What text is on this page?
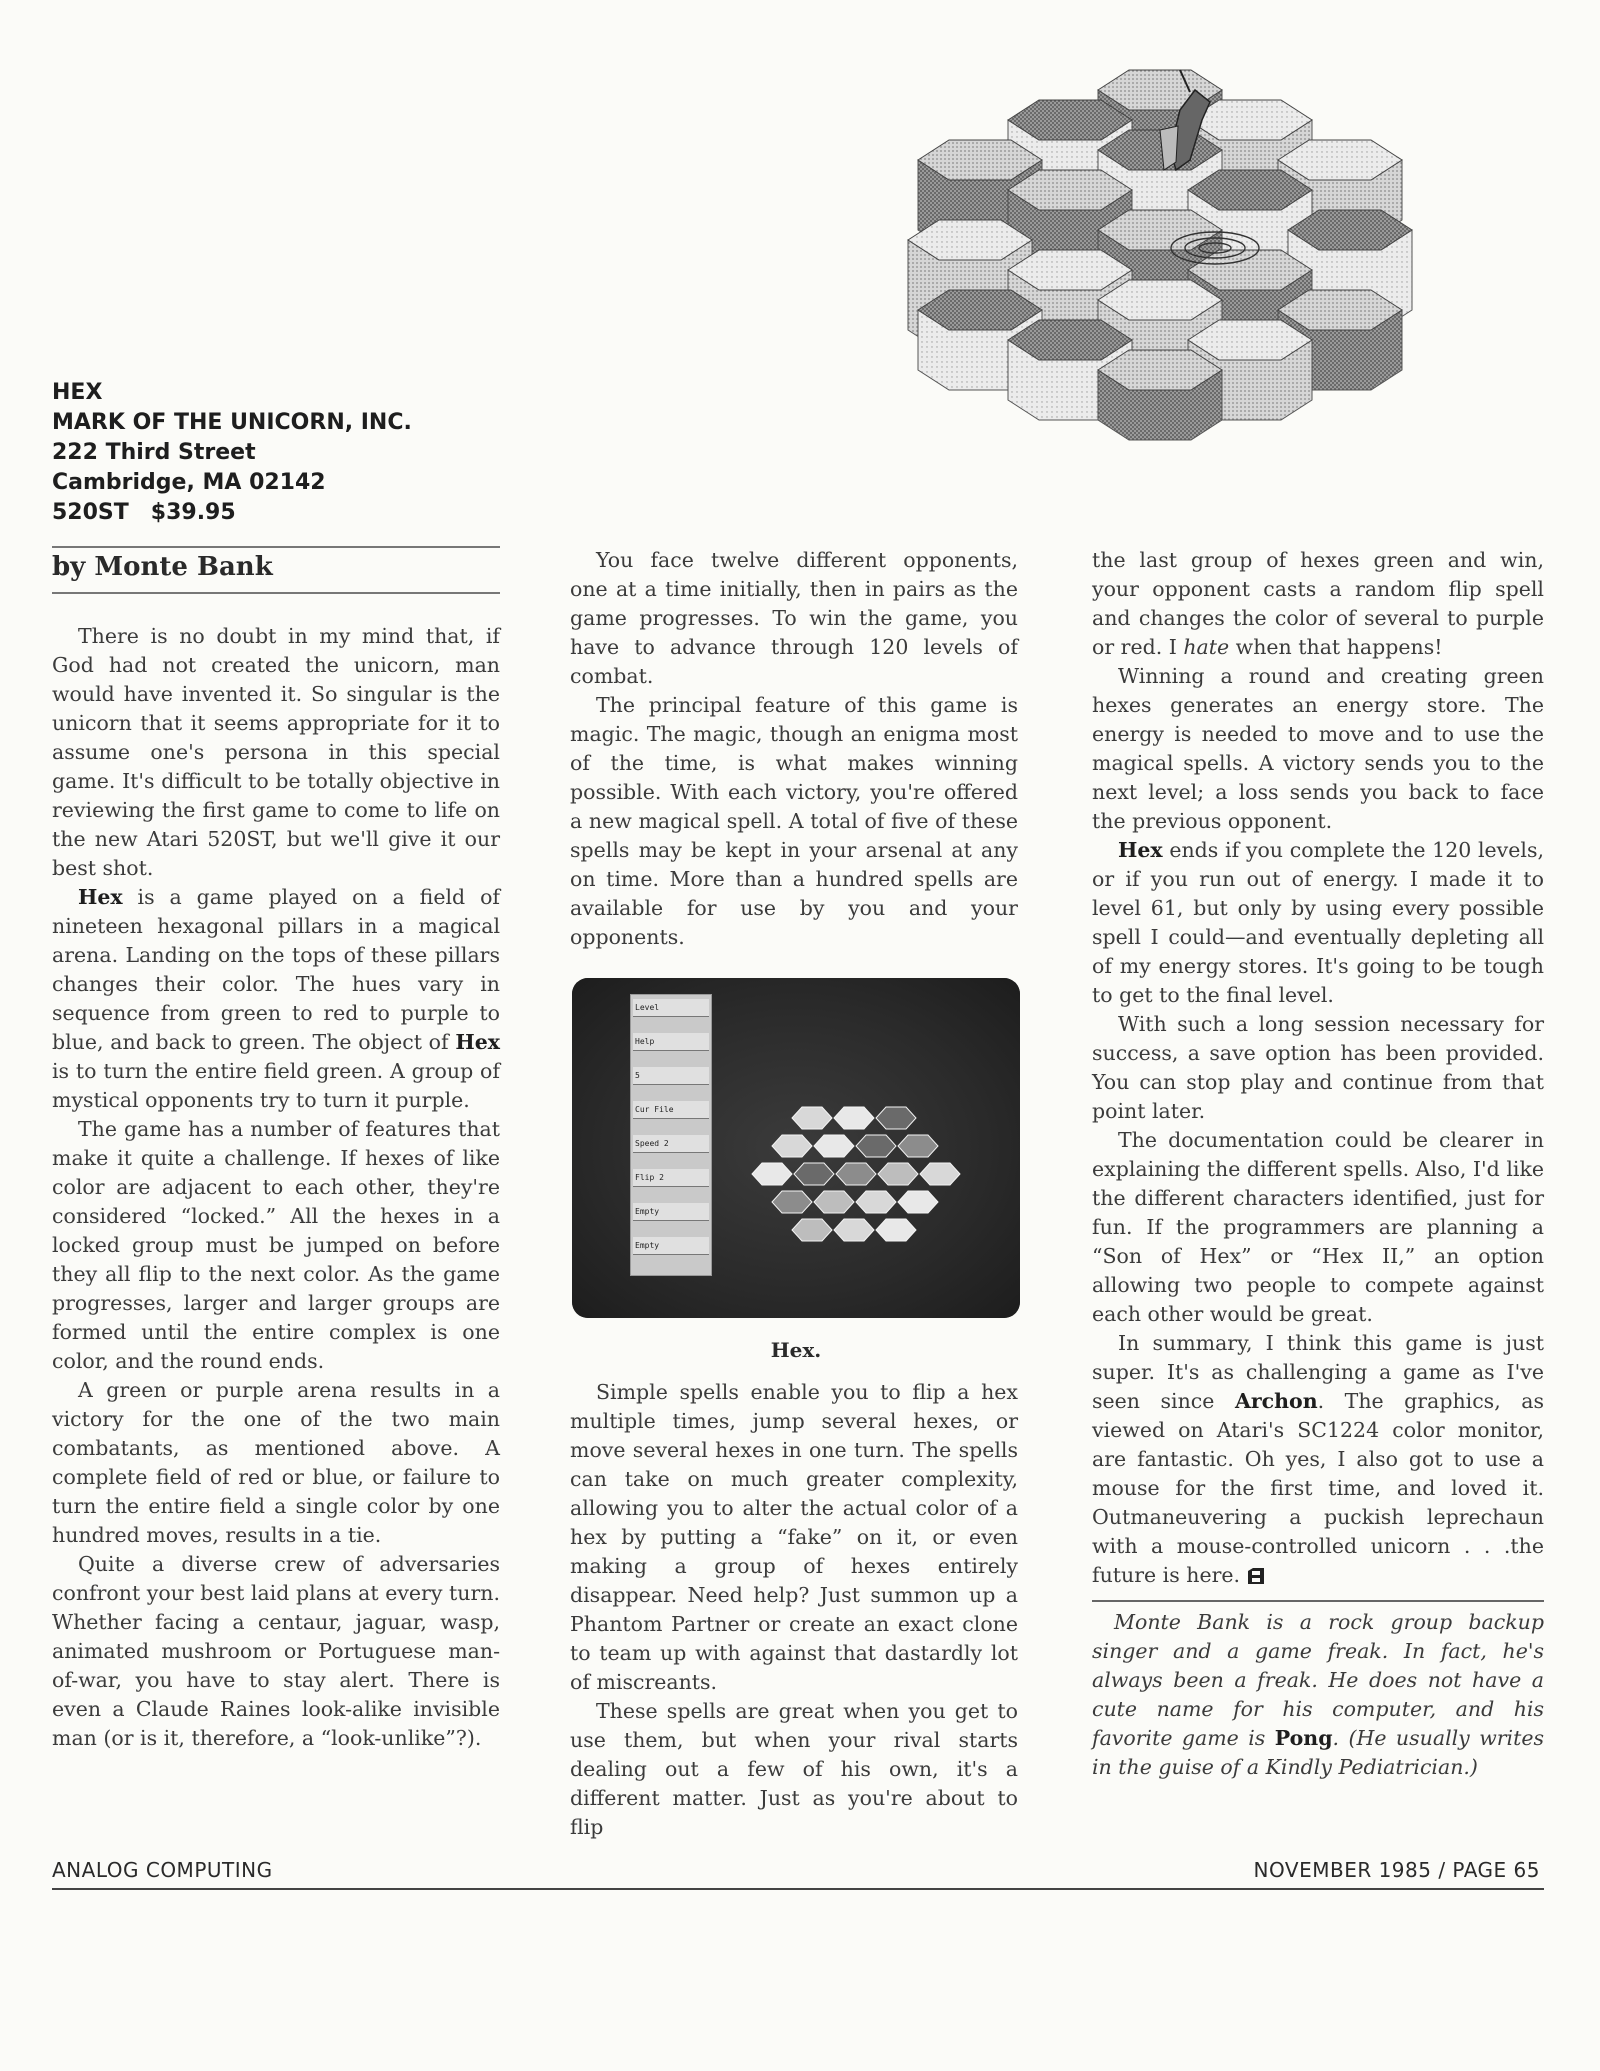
HEX
MARK OF THE UNICORN, INC.
222 Third Street
Cambridge, MA 02142
520ST $39.95
by Monte Bank

There is no doubt in my mind that, if God had not created the unicorn, man would have invented it. So singular is the unicorn that it seems appropriate for it to assume one's persona in this special game. It's difficult to be totally objective in reviewing the first game to come to life on the new Atari 520ST, but we'll give it our best shot.

Hex is a game played on a field of nineteen hexagonal pillars in a magical arena. Landing on the tops of these pillars changes their color. The hues vary in sequence from green to red to purple to blue, and back to green. The object of Hex is to turn the entire field green. A group of mystical opponents try to turn it purple.

The game has a number of features that make it quite a challenge. If hexes of like color are adjacent to each other, they're considered “locked.” All the hexes in a locked group must be jumped on before they all flip to the next color. As the game progresses, larger and larger groups are formed until the entire complex is one color, and the round ends.

A green or purple arena results in a victory for the one of the two main combatants, as mentioned above. A complete field of red or blue, or failure to turn the entire field a single color by one hundred moves, results in a tie.

Quite a diverse crew of adversaries confront your best laid plans at every turn. Whether facing a centaur, jaguar, wasp, animated mushroom or Portuguese man-of-war, you have to stay alert. There is even a Claude Raines look-alike invisible man (or is it, therefore, a “look-unlike”?).

You face twelve different opponents, one at a time initially, then in pairs as the game progresses. To win the game, you have to advance through 120 levels of combat.

The principal feature of this game is magic. The magic, though an enigma most of the time, is what makes winning possible. With each victory, you're offered a new magical spell. A total of five of these spells may be kept in your arsenal at any on time. More than a hundred spells are available for use by you and your opponents.

Level
Help
5
Cur File
Speed 2
Flip 2
Empty
Empty
Hex.

Simple spells enable you to flip a hex multiple times, jump several hexes, or move several hexes in one turn. The spells can take on much greater complexity, allowing you to alter the actual color of a hex by putting a “fake” on it, or even making a group of hexes entirely disappear. Need help? Just summon up a Phantom Partner or create an exact clone to team up with against that dastardly lot of miscreants.

These spells are great when you get to use them, but when your rival starts dealing out a few of his own, it's a different matter. Just as you're about to flip

the last group of hexes green and win, your opponent casts a random flip spell and changes the color of several to purple or red. I hate when that happens!

Winning a round and creating green hexes generates an energy store. The energy is needed to move and to use the magical spells. A victory sends you to the next level; a loss sends you back to face the previous opponent.

Hex ends if you complete the 120 levels, or if you run out of energy. I made it to level 61, but only by using every possible spell I could—and eventually depleting all of my energy stores. It's going to be tough to get to the final level.

With such a long session necessary for success, a save option has been provided. You can stop play and continue from that point later.

The documentation could be clearer in explaining the different spells. Also, I'd like the different characters identified, just for fun. If the programmers are planning a “Son of Hex” or “Hex II,” an option allowing two people to compete against each other would be great.

In summary, I think this game is just super. It's as challenging a game as I've seen since Archon. The graphics, as viewed on Atari's SC1224 color monitor, are fantastic. Oh yes, I also got to use a mouse for the first time, and loved it. Outmaneuvering a puckish leprechaun with a mouse-controlled unicorn . . .the future is here.

Monte Bank is a rock group backup singer and a game freak. In fact, he's always been a freak. He does not have a cute name for his computer, and his favorite game is Pong. (He usually writes in the guise of a Kindly Pediatrician.)

ANALOG COMPUTING	NOVEMBER 1985 / PAGE 65
